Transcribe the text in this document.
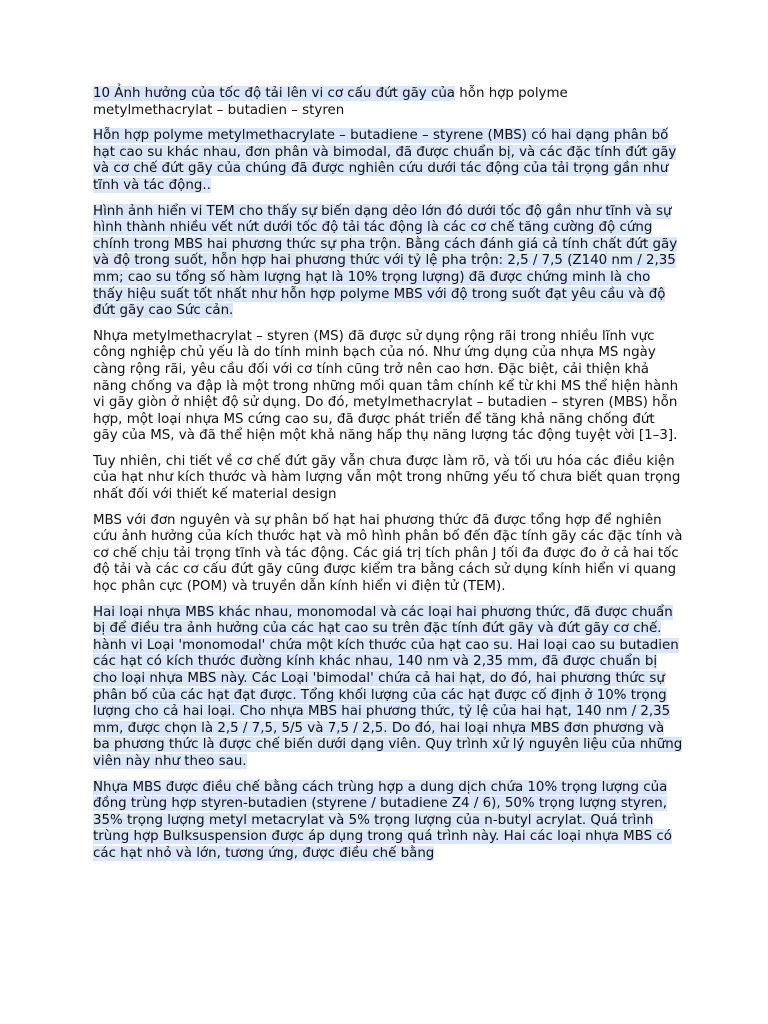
10 Ảnh hưởng của tốc độ tải lên vi cơ cấu đứt gãy của hỗn hợp polyme metylmethacrylat – butadien – styren

Hỗn hợp polyme metylmethacrylate – butadiene – styrene (MBS) có hai dạng phân bố hạt cao su khác nhau, đơn phân và bimodal, đã được chuẩn bị, và các đặc tính đứt gãy và cơ chế đứt gãy của chúng đã được nghiên cứu dưới tác động của tải trọng gần như tĩnh và tác động..

Hình ảnh hiển vi TEM cho thấy sự biến dạng dẻo lớn đó dưới tốc độ gần như tĩnh và sự hình thành nhiều vết nứt dưới tốc độ tải tác động là các cơ chế tăng cường độ cứng chính trong MBS hai phương thức sự pha trộn. Bằng cách đánh giá cả tính chất đứt gãy và độ trong suốt, hỗn hợp hai phương thức với tỷ lệ pha trộn: 2,5 / 7,5 (Z140 nm / 2,35 mm; cao su tổng số hàm lượng hạt là 10% trọng lượng) đã được chứng minh là cho thấy hiệu suất tốt nhất như hỗn hợp polyme MBS với độ trong suốt đạt yêu cầu và độ đứt gãy cao Sức cản.

Nhựa metylmethacrylat – styren (MS) đã được sử dụng rộng rãi trong nhiều lĩnh vực công nghiệp chủ yếu là do tính minh bạch của nó. Như ứng dụng của nhựa MS ngày càng rộng rãi, yêu cầu đối với cơ tính cũng trở nên cao hơn. Đặc biệt, cải thiện khả năng chống va đập là một trong những mối quan tâm chính kể từ khi MS thể hiện hành vi gãy giòn ở nhiệt độ sử dụng. Do đó, metylmethacrylat – butadien – styren (MBS) hỗn hợp, một loại nhựa MS cứng cao su, đã được phát triển để tăng khả năng chống đứt gãy của MS, và đã thể hiện một khả năng hấp thụ năng lượng tác động tuyệt vời [1–3].

Tuy nhiên, chi tiết về cơ chế đứt gãy vẫn chưa được làm rõ, và tối ưu hóa các điều kiện của hạt như kích thước và hàm lượng vẫn một trong những yếu tố chưa biết quan trọng nhất đối với thiết kế material design

MBS với đơn nguyên và sự phân bố hạt hai phương thức đã được tổng hợp để nghiên cứu ảnh hưởng của kích thước hạt và mô hình phân bố đến đặc tính gãy các đặc tính và cơ chế chịu tải trọng tĩnh và tác động. Các giá trị tích phân J tối đa được đo ở cả hai tốc độ tải và các cơ cấu đứt gãy cũng được kiểm tra bằng cách sử dụng kính hiển vi quang học phân cực (POM) và truyền dẫn kính hiển vi điện tử (TEM).

Hai loại nhựa MBS khác nhau, monomodal và các loại hai phương thức, đã được chuẩn bị để điều tra ảnh hưởng của các hạt cao su trên đặc tính đứt gãy và đứt gãy cơ chế. hành vi Loại 'monomodal' chứa một kích thước của hạt cao su. Hai loại cao su butadien các hạt có kích thước đường kính khác nhau, 140 nm và 2,35 mm, đã được chuẩn bị cho loại nhựa MBS này. Các Loại 'bimodal' chứa cả hai hạt, do đó, hai phương thức sự phân bố của các hạt đạt được. Tổng khối lượng của các hạt được cố định ở 10% trọng lượng cho cả hai loại. Cho nhựa MBS hai phương thức, tỷ lệ của hai hạt, 140 nm / 2,35 mm, được chọn là 2,5 / 7,5, 5/5 và 7,5 / 2,5. Do đó, hai loại nhựa MBS đơn phương và ba phương thức là được chế biến dưới dạng viên. Quy trình xử lý nguyên liệu của những viên này như theo sau.

Nhựa MBS được điều chế bằng cách trùng hợp a dung dịch chứa 10% trọng lượng của đồng trùng hợp styren-butadien (styrene / butadiene Z4 / 6), 50% trọng lượng styren, 35% trọng lượng metyl metacrylat và 5% trọng lượng của n-butyl acrylat. Quá trình trùng hợp Bulksuspension được áp dụng trong quá trình này. Hai các loại nhựa MBS có các hạt nhỏ và lớn, tương ứng, được điều chế bằng
